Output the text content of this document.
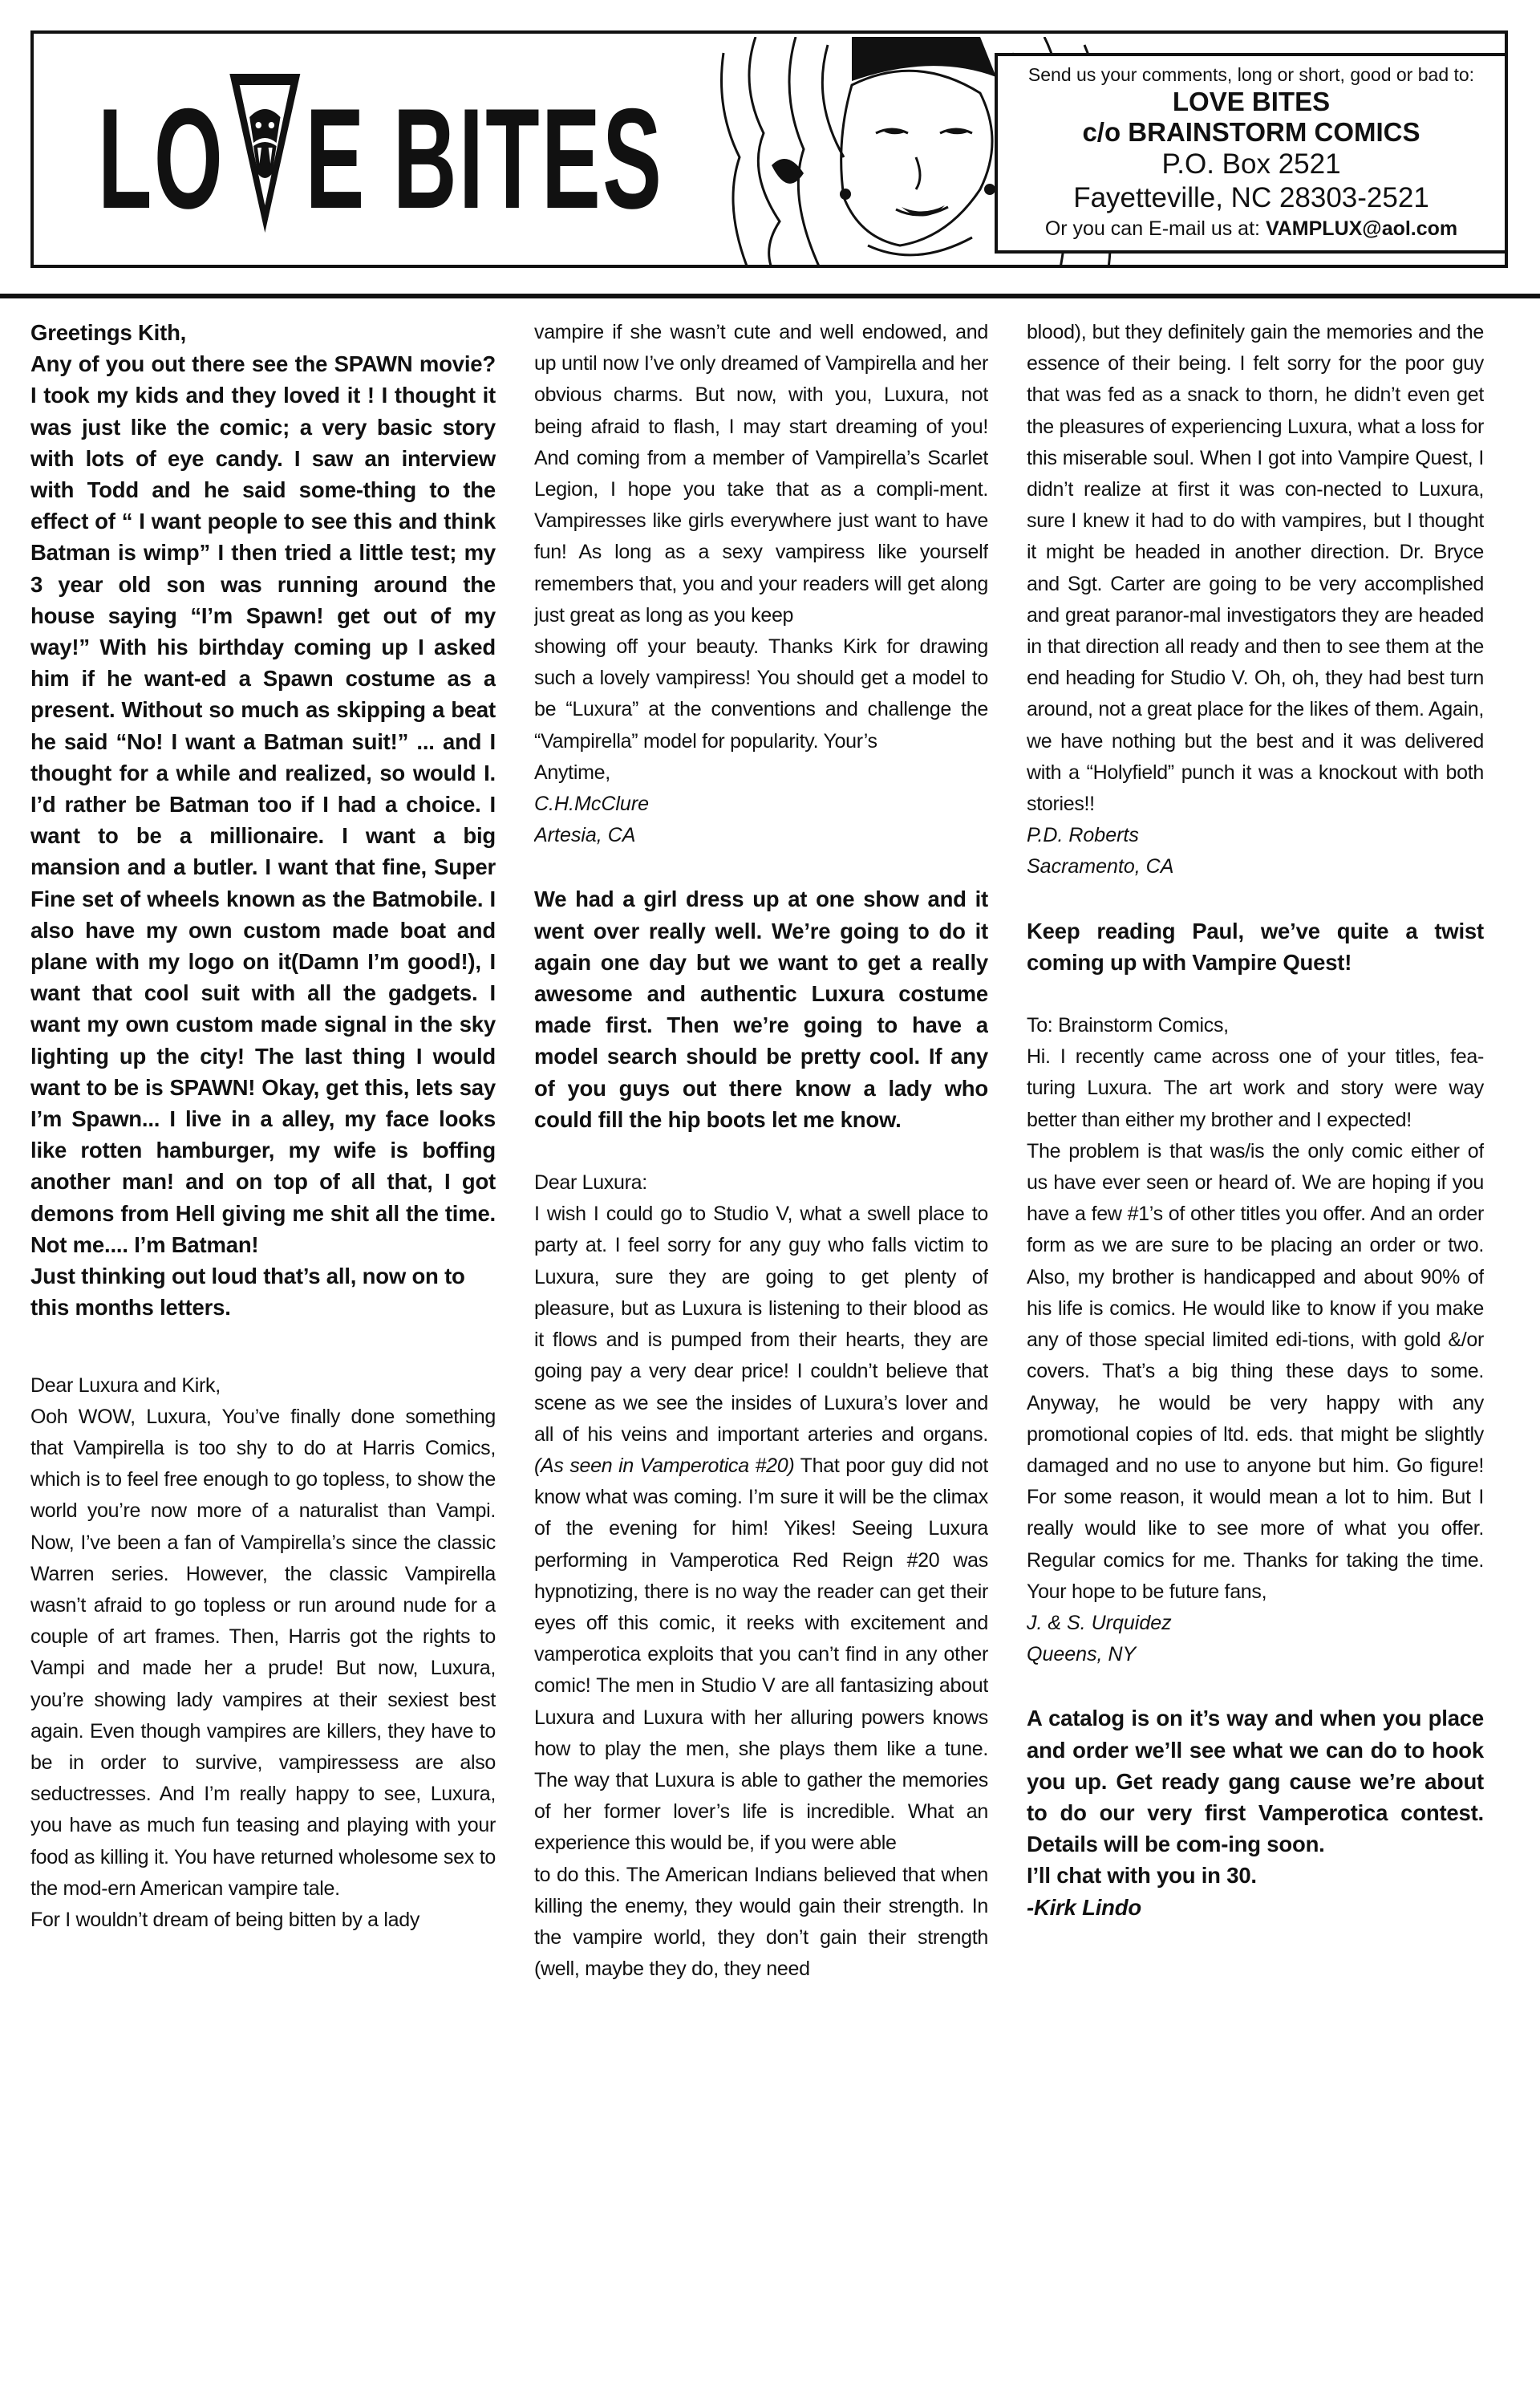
LO E BITES
Send us your comments, long or short, good or bad to:
LOVE BITES
c/o BRAINSTORM COMICS
P.O. Box 2521
Fayetteville, NC 28303-2521
Or you can E-mail us at: VAMPLUX@aol.com

Greetings Kith,

Any of you out there see the SPAWN movie? I took my kids and they loved it ! I thought it was just like the comic; a very basic story with lots of eye candy. I saw an interview with Todd and he said some-thing to the effect of “ I want people to see this and think Batman is wimp” I then tried a little test; my 3 year old son was running around the house saying “I’m Spawn! get out of my way!” With his birthday coming up I asked him if he want-ed a Spawn costume as a present. Without so much as skipping a beat he said “No! I want a Batman suit!” ... and I thought for a while and realized, so would I. I’d rather be Batman too if I had a choice. I want to be a millionaire. I want a big mansion and a butler. I want that fine, Super Fine set of wheels known as the Batmobile. I also have my own custom made boat and plane with my logo on it(Damn I’m good!), I want that cool suit with all the gadgets. I want my own custom made signal in the sky lighting up the city! The last thing I would want to be is SPAWN! Okay, get this, lets say I’m Spawn... I live in a alley, my face looks like rotten hamburger, my wife is boffing another man! and on top of all that, I got demons from Hell giving me shit all the time. Not me.... I’m Batman!

Just thinking out loud that’s all, now on to this months letters.

Dear Luxura and Kirk,

Ooh WOW, Luxura, You’ve finally done something that Vampirella is too shy to do at Harris Comics, which is to feel free enough to go topless, to show the world you’re now more of a naturalist than Vampi. Now, I’ve been a fan of Vampirella’s since the classic Warren series. However, the classic Vampirella wasn’t afraid to go topless or run around nude for a couple of art frames. Then, Harris got the rights to Vampi and made her a prude! But now, Luxura, you’re showing lady vampires at their sexiest best again. Even though vampires are killers, they have to be in order to survive, vampiressess are also seductresses. And I’m really happy to see, Luxura, you have as much fun teasing and playing with your food as killing it. You have returned wholesome sex to the mod-ern American vampire tale.

For I wouldn’t dream of being bitten by a lady

vampire if she wasn’t cute and well endowed, and up until now I’ve only dreamed of Vampirella and her obvious charms. But now, with you, Luxura, not being afraid to flash, I may start dreaming of you! And coming from a member of Vampirella’s Scarlet Legion, I hope you take that as a compli-ment. Vampiresses like girls everywhere just want to have fun! As long as a sexy vampiress like yourself remembers that, you and your readers will get along just great as long as you keep

showing off your beauty. Thanks Kirk for drawing such a lovely vampiress! You should get a model to be “Luxura” at the conventions and challenge the “Vampirella” model for popularity. Your’s

Anytime,

C.H.McClure

Artesia, CA

We had a girl dress up at one show and it went over really well. We’re going to do it again one day but we want to get a really awesome and authentic Luxura costume made first. Then we’re going to have a model search should be pretty cool. If any of you guys out there know a lady who could fill the hip boots let me know.

Dear Luxura:

I wish I could go to Studio V, what a swell place to party at. I feel sorry for any guy who falls victim to Luxura, sure they are going to get plenty of pleasure, but as Luxura is listening to their blood as it flows and is pumped from their hearts, they are going pay a very dear price! I couldn’t believe that scene as we see the insides of Luxura’s lover and all of his veins and important arteries and organs.(As seen in Vamperotica #20) That poor guy did not know what was coming. I’m sure it will be the climax of the evening for him! Yikes! Seeing Luxura performing in Vamperotica Red Reign #20 was hypnotizing, there is no way the reader can get their eyes off this comic, it reeks with excitement and vamperotica exploits that you can’t find in any other comic! The men in Studio V are all fantasizing about Luxura and Luxura with her alluring powers knows how to play the men, she plays them like a tune. The way that Luxura is able to gather the memories of her former lover’s life is incredible. What an experience this would be, if you were able

to do this. The American Indians believed that when killing the enemy, they would gain their strength. In the vampire world, they don’t gain their strength (well, maybe they do, they need

blood), but they definitely gain the memories and the essence of their being. I felt sorry for the poor guy that was fed as a snack to thorn, he didn’t even get the pleasures of experiencing Luxura, what a loss for this miserable soul. When I got into Vampire Quest, I didn’t realize at first it was con-nected to Luxura, sure I knew it had to do with vampires, but I thought it might be headed in another direction. Dr. Bryce and Sgt. Carter are going to be very accomplished and great paranor-mal investigators they are headed in that direction all ready and then to see them at the end heading for Studio V. Oh, oh, they had best turn around, not a great place for the likes of them. Again, we have nothing but the best and it was delivered with a “Holyfield” punch it was a knockout with both stories!!

P.D. Roberts

Sacramento, CA

Keep reading Paul, we’ve quite a twist coming up with Vampire Quest!

To: Brainstorm Comics,

Hi. I recently came across one of your titles, fea-turing Luxura. The art work and story were way better than either my brother and I expected!

The problem is that was/is the only comic either of us have ever seen or heard of. We are hoping if you have a few #1’s of other titles you offer. And an order form as we are sure to be placing an order or two. Also, my brother is handicapped and about 90% of his life is comics. He would like to know if you make any of those special limited edi-tions, with gold &/or covers. That’s a big thing these days to some. Anyway, he would be very happy with any promotional copies of ltd. eds. that might be slightly damaged and no use to anyone but him. Go figure! For some reason, it would mean a lot to him. But I really would like to see more of what you offer. Regular comics for me. Thanks for taking the time. Your hope to be future fans,

J. & S. Urquidez

Queens, NY

A catalog is on it’s way and when you place and order we’ll see what we can do to hook you up. Get ready gang cause we’re about to do our very first Vamperotica contest. Details will be com-ing soon.

I’ll chat with you in 30.

-Kirk Lindo
